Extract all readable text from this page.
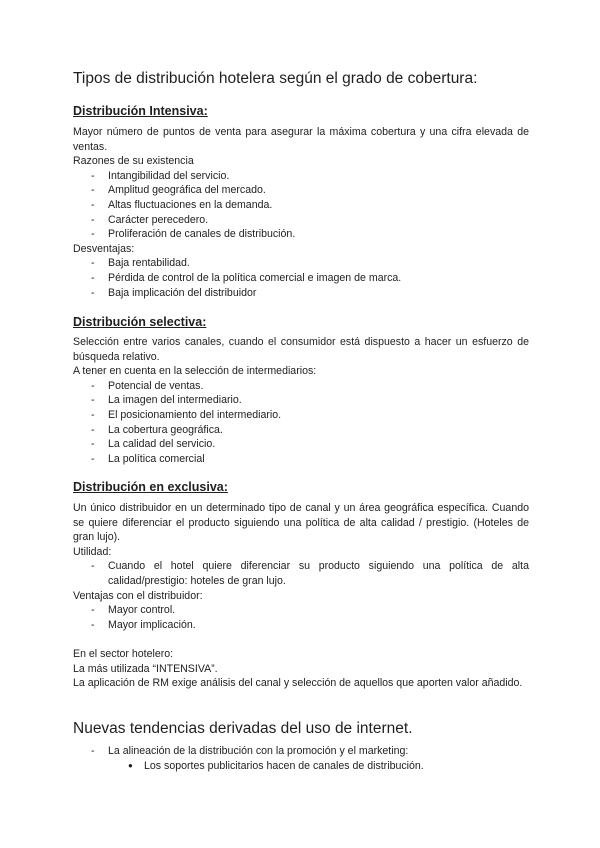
Tipos de distribución hotelera según el grado de cobertura:
Distribución Intensiva:
Mayor número de puntos de venta para asegurar la máxima cobertura y una cifra elevada de ventas.
Razones de su existencia
- Intangibilidad del servicio.
- Amplitud geográfica del mercado.
- Altas fluctuaciones en la demanda.
- Carácter perecedero.
- Proliferación de canales de distribución.
Desventajas:
- Baja rentabilidad.
- Pérdida de control de la política comercial e imagen de marca.
- Baja implicación del distribuidor
Distribución selectiva:
Selección entre varios canales, cuando el consumidor está dispuesto a hacer un esfuerzo de búsqueda relativo.
A tener en cuenta en la selección de intermediarios:
- Potencial de ventas.
- La imagen del intermediario.
- El posicionamiento del intermediario.
- La cobertura geográfica.
- La calidad del servicio.
- La política comercial
Distribución en exclusiva:
Un único distribuidor en un determinado tipo de canal y un área geográfica específica. Cuando se quiere diferenciar el producto siguiendo una política de alta calidad / prestigio. (Hoteles de gran lujo).
Utilidad:
- Cuando el hotel quiere diferenciar su producto siguiendo una política de alta calidad/prestigio: hoteles de gran lujo.
Ventajas con el distribuidor:
- Mayor control.
- Mayor implicación.
En el sector hotelero:
La más utilizada “INTENSIVA”.
La aplicación de RM exige análisis del canal y selección de aquellos que aporten valor añadido.
Nuevas tendencias derivadas del uso de internet.
- La alineación de la distribución con la promoción y el marketing:
● Los soportes publicitarios hacen de canales de distribución.
